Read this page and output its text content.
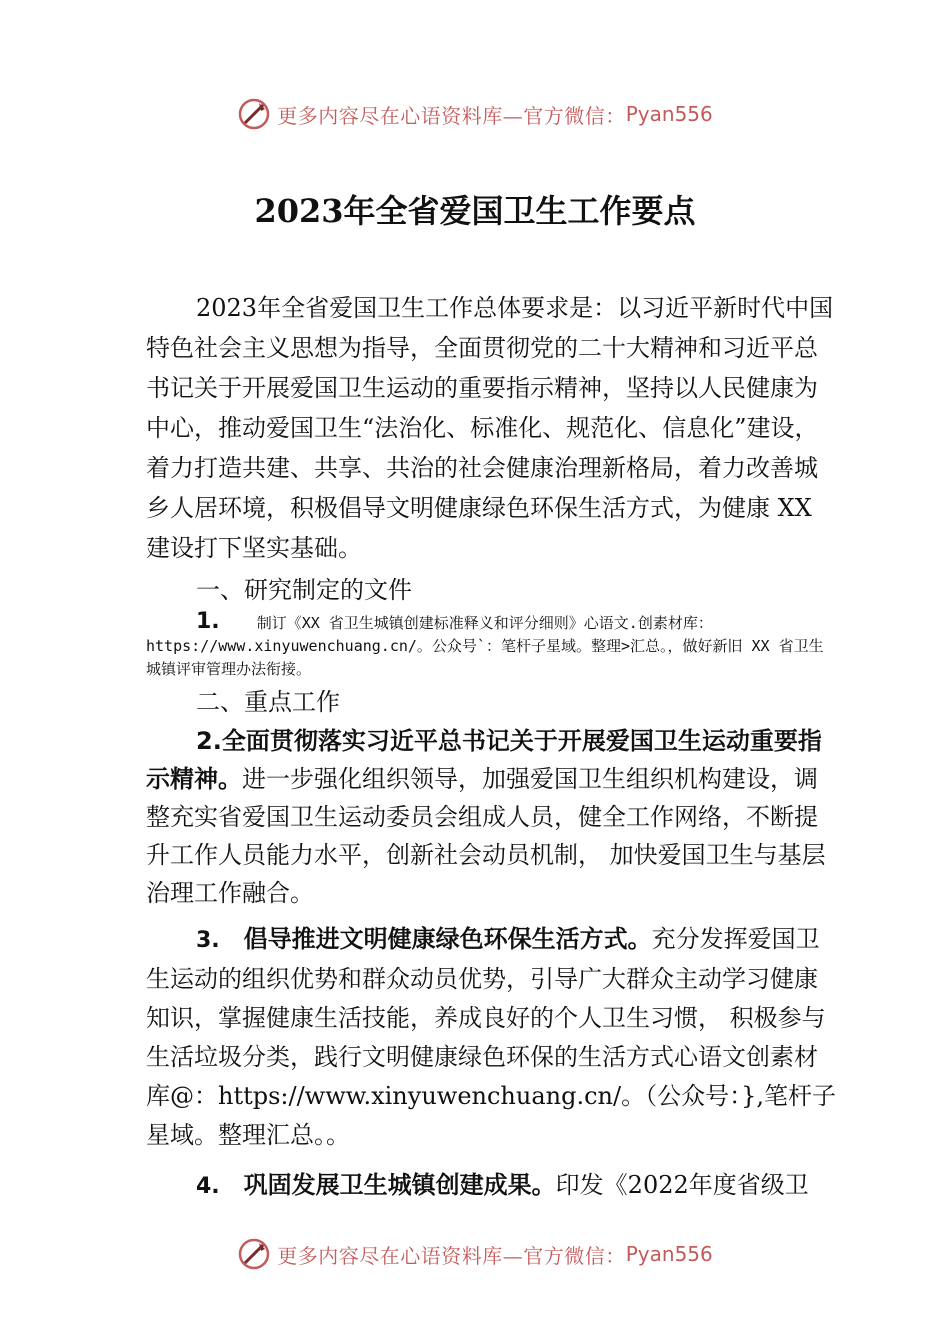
更多内容尽在心语资料库—官方微信： Pyan556
2023年全省爱国卫生工作要点

2023年全省爱国卫生工作总体要求是：以习近平新时代中国特色社会主义思想为指导，全面贯彻党的二十大精神和习近平总书记关于开展爱国卫生运动的重要指示精神，坚持以人民健康为中心，推动爱国卫生“法治化、标准化、规范化、信息化”建设，着力打造共建、共享、共治的社会健康治理新格局，着力改善城乡人居环境，积极倡导文明健康绿色环保生活方式，为健康 XX 建设打下坚实基础。

一、研究制定的文件

1. 制订《XX 省卫生城镇创建标准释义和评分细则》心语文.创素材库：https://www.xinyuwenchuang.cn/。公众号`：笔杆子星域。整理>汇总。，做好新旧 XX 省卫生城镇评审管理办法衔接。

二、重点工作

2.全面贯彻落实习近平总书记关于开展爱国卫生运动重要指示精神。进一步强化组织领导，加强爱国卫生组织机构建设，调整充实省爱国卫生运动委员会组成人员，健全工作网络，不断提升工作人员能力水平，创新社会动员机制， 加快爱国卫生与基层治理工作融合。

3. 倡导推进文明健康绿色环保生活方式。充分发挥爱国卫生运动的组织优势和群众动员优势，引导广大群众主动学习健康知识，掌握健康生活技能，养成良好的个人卫生习惯， 积极参与生活垃圾分类，践行文明健康绿色环保的生活方式心语文创素材库@：https://www.xinyuwenchuang.cn/。（公众号：},笔杆子星域。整理汇总。。

4. 巩固发展卫生城镇创建成果。印发《2022年度省级卫

更多内容尽在心语资料库—官方微信： Pyan556
